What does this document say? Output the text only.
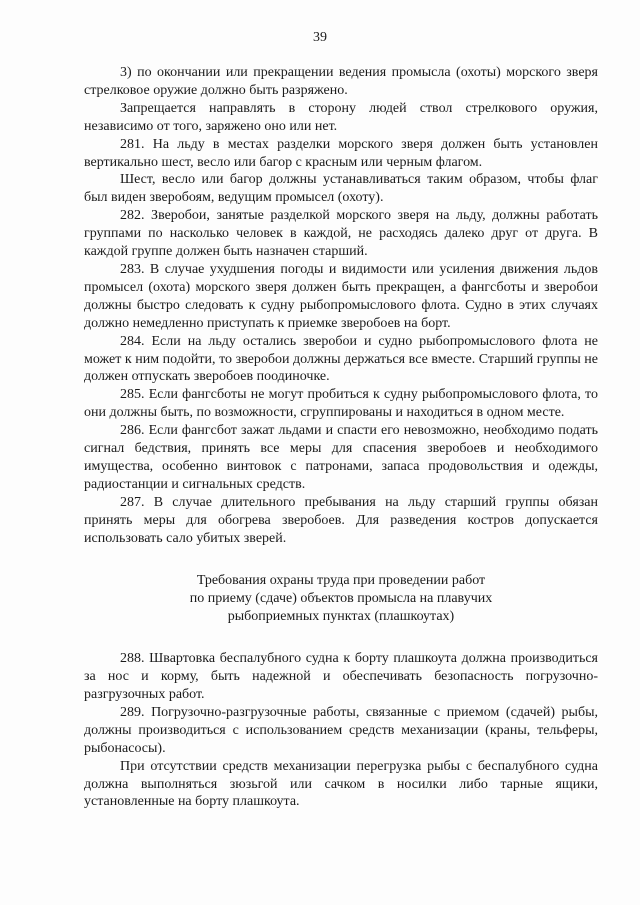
39

3) по окончании или прекращении ведения промысла (охоты) морского зверя стрелковое оружие должно быть разряжено.

Запрещается направлять в сторону людей ствол стрелкового оружия, независимо от того, заряжено оно или нет.

281. На льду в местах разделки морского зверя должен быть установлен вертикально шест, весло или багор с красным или черным флагом.

Шест, весло или багор должны устанавливаться таким образом, чтобы флаг был виден зверобоям, ведущим промысел (охоту).

282. Зверобои, занятые разделкой морского зверя на льду, должны работать группами по насколько человек в каждой, не расходясь далеко друг от друга. В каждой группе должен быть назначен старший.

283. В случае ухудшения погоды и видимости или усиления движения льдов промысел (охота) морского зверя должен быть прекращен, а фангсботы и зверобои должны быстро следовать к судну рыбопромыслового флота. Судно в этих случаях должно немедленно приступать к приемке зверобоев на борт.

284. Если на льду остались зверобои и судно рыбопромыслового флота не может к ним подойти, то зверобои должны держаться все вместе. Старший группы не должен отпускать зверобоев поодиночке.

285. Если фангсботы не могут пробиться к судну рыбопромыслового флота, то они должны быть, по возможности, сгруппированы и находиться в одном месте.

286. Если фангсбот зажат льдами и спасти его невозможно, необходимо подать сигнал бедствия, принять все меры для спасения зверобоев и необходимого имущества, особенно винтовок с патронами, запаса продовольствия и одежды, радиостанции и сигнальных средств.

287. В случае длительного пребывания на льду старший группы обязан принять меры для обогрева зверобоев. Для разведения костров допускается использовать сало убитых зверей.

Требования охраны труда при проведении работ
по приему (сдаче) объектов промысла на плавучих
рыбоприемных пунктах (плашкоутах)

288. Швартовка беспалубного судна к борту плашкоута должна производиться за нос и корму, быть надежной и обеспечивать безопасность погрузочно-разгрузочных работ.

289. Погрузочно-разгрузочные работы, связанные с приемом (сдачей) рыбы, должны производиться с использованием средств механизации (краны, тельферы, рыбонасосы).

При отсутствии средств механизации перегрузка рыбы с беспалубного судна должна выполняться зюзьгой или сачком в носилки либо тарные ящики, установленные на борту плашкоута.
